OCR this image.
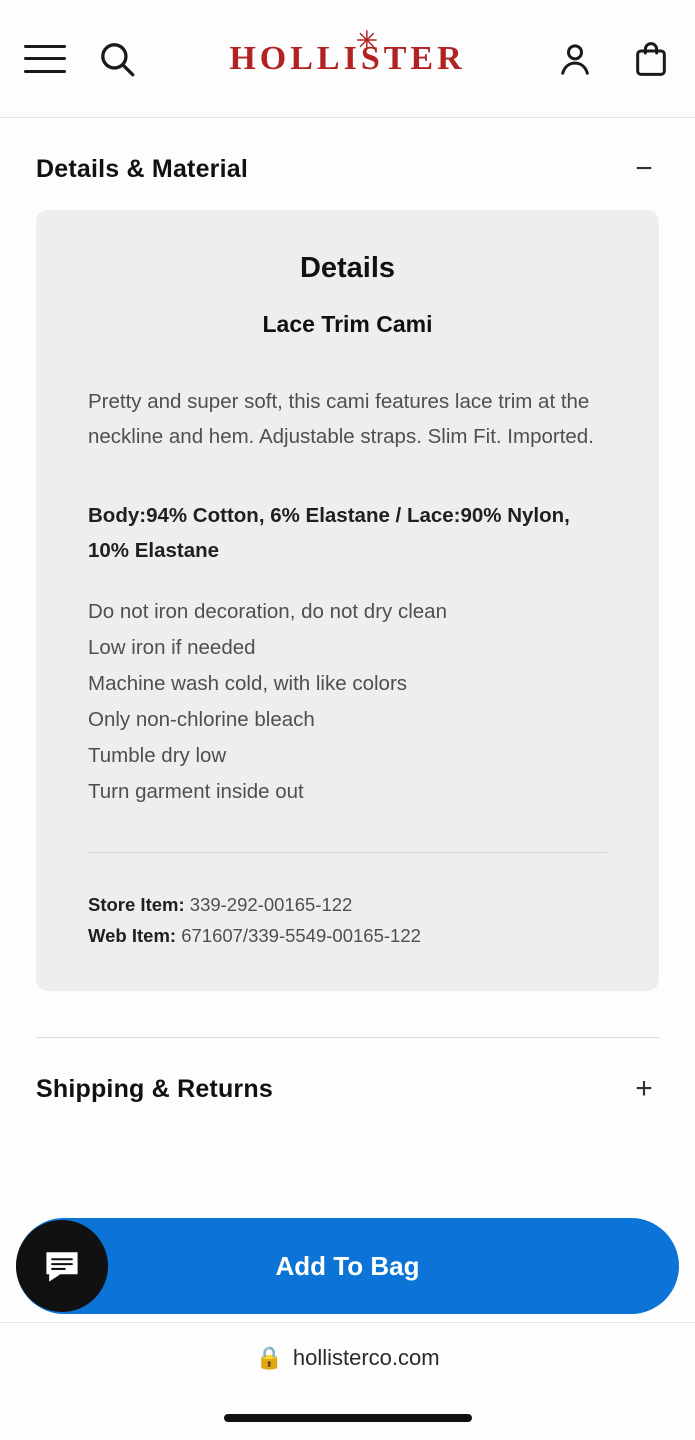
HOLLISTER
Details & Material	−
Details
Lace Trim Cami
Pretty and super soft, this cami features lace trim at the neckline and hem. Adjustable straps. Slim Fit. Imported.
Body:94% Cotton, 6% Elastane / Lace:90% Nylon, 10% Elastane
Do not iron decoration, do not dry clean
Low iron if needed
Machine wash cold, with like colors
Only non-chlorine bleach
Tumble dry low
Turn garment inside out
Store Item: 339-292-00165-122
Web Item: 671607/339-5549-00165-122
Shipping & Returns	+
Add To Bag
🔒 hollisterco.com
